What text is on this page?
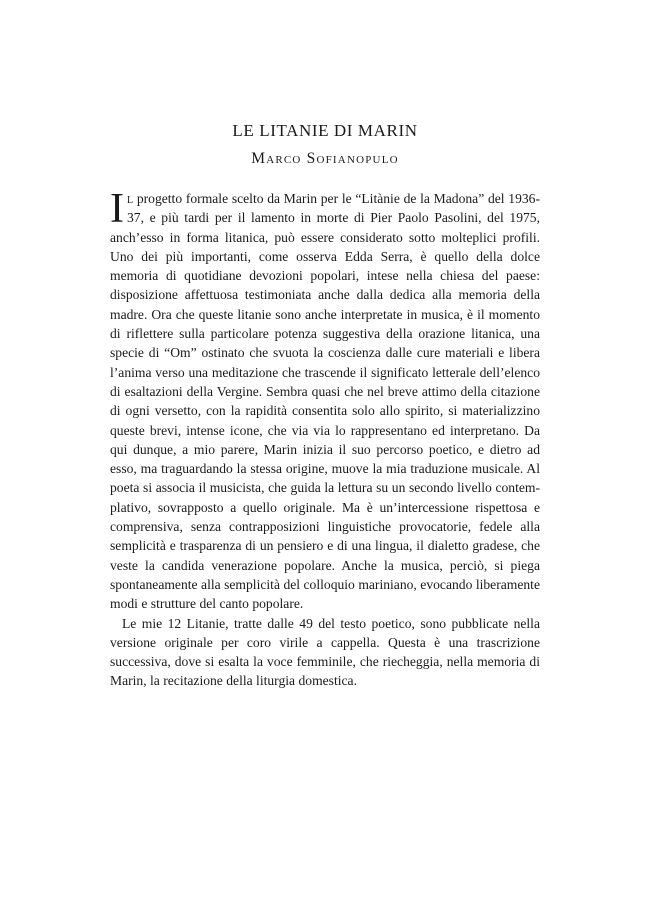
LE LITANIE DI MARIN
Marco Sofianopulo

Il progetto formale scelto da Marin per le “Litànie de la Madona” del 1936-37, e più tardi per il lamento in morte di Pier Paolo Pasolini, del 1975, anch’esso in forma litanica, può essere considerato sotto molteplici profili. Uno dei più importanti, come osserva Edda Serra, è quello della dolce memoria di quotidiane devozioni popolari, intese nella chiesa del paese: disposizione affettuosa testimoniata anche dalla dedica alla memoria della madre. Ora che queste litanie sono anche interpretate in musica, è il momento di riflettere sulla particolare potenza suggestiva della orazione litanica, una specie di “Om” ostinato che svuota la coscienza dalle cure materiali e libera l’anima verso una meditazione che trascende il significato letterale dell’elenco di esaltazioni della Vergine. Sembra quasi che nel breve attimo della citazione di ogni versetto, con la rapidità consentita solo allo spirito, si materializzino queste brevi, intense icone, che via via lo rappresentano ed interpretano. Da qui dunque, a mio parere, Marin inizia il suo percorso poetico, e dietro ad esso, ma traguardando la stessa origine, muove la mia traduzione musicale. Al poeta si associa il musicista, che guida la lettura su un secondo livello contemplativo, sovrapposto a quello originale. Ma è un’intercessione rispettosa e comprensiva, senza contrapposizioni linguistiche provocatorie, fedele alla semplicità e trasparenza di un pensiero e di una lingua, il dialetto gradese, che veste la candida venerazione popolare. Anche la musica, perciò, si piega spontaneamente alla semplicità del colloquio mariniano, evocando liberamente modi e strutture del canto popolare.

Le mie 12 Litanie, tratte dalle 49 del testo poetico, sono pubblicate nella versione originale per coro virile a cappella. Questa è una trascrizione successiva, dove si esalta la voce femminile, che riecheggia, nella memoria di Marin, la recitazione della liturgia domestica.
